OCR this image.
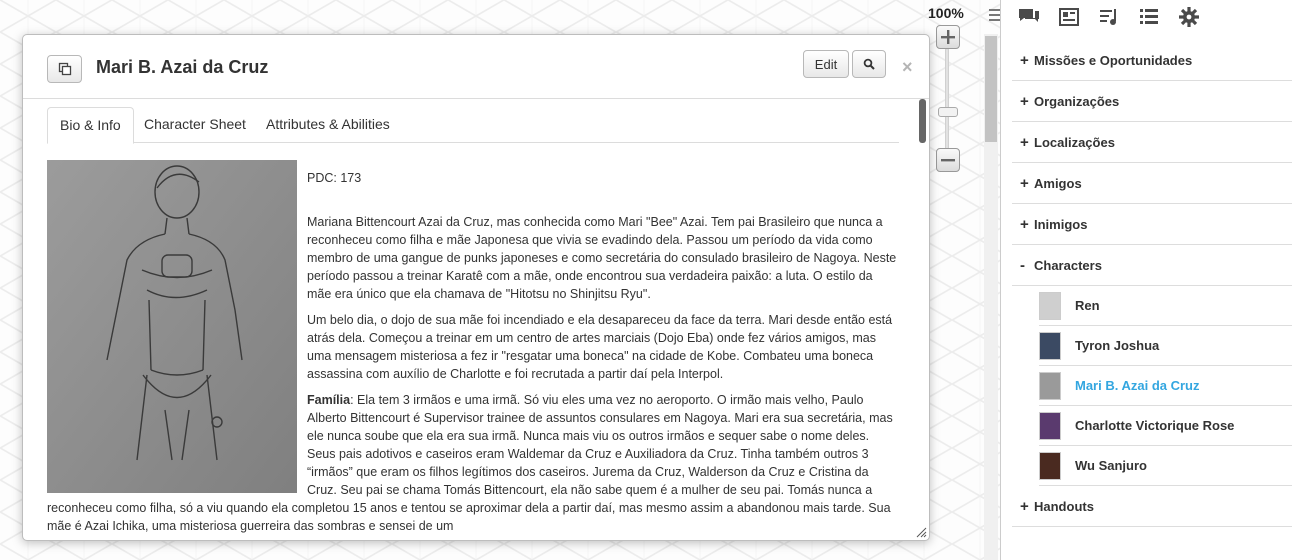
100%
Mari B. Azai da Cruz	Edit	×
Bio & Info	Character Sheet	Attributes & Abilities

PDC: 173

Mariana Bittencourt Azai da Cruz, mas conhecida como Mari "Bee" Azai. Tem pai Brasileiro que nunca a reconheceu como filha e mãe Japonesa que vivia se evadindo dela. Passou um período da vida como membro de uma gangue de punks japoneses e como secretária do consulado brasileiro de Nagoya. Neste período passou a treinar Karatê com a mãe, onde encontrou sua verdadeira paixão: a luta. O estilo da mãe era único que ela chamava de "Hitotsu no Shinjitsu Ryu".

Um belo dia, o dojo de sua mãe foi incendiado e ela desapareceu da face da terra. Mari desde então está atrás dela. Começou a treinar em um centro de artes marciais (Dojo Eba) onde fez vários amigos, mas uma mensagem misteriosa a fez ir "resgatar uma boneca" na cidade de Kobe. Combateu uma boneca assassina com auxílio de Charlotte e foi recrutada a partir daí pela Interpol.

Família: Ela tem 3 irmãos e uma irmã. Só viu eles uma vez no aeroporto. O irmão mais velho, Paulo Alberto Bittencourt é Supervisor trainee de assuntos consulares em Nagoya. Mari era sua secretária, mas ele nunca soube que ela era sua irmã. Nunca mais viu os outros irmãos e sequer sabe o nome deles. Seus pais adotivos e caseiros eram Waldemar da Cruz e Auxiliadora da Cruz. Tinha também outros 3 “irmãos” que eram os filhos legítimos dos caseiros. Jurema da Cruz, Walderson da Cruz e Cristina da Cruz. Seu pai se chama Tomás Bittencourt, ela não sabe quem é a mulher de seu pai. Tomás nunca a reconheceu como filha, só a viu quando ela completou 15 anos e tentou se aproximar dela a partir daí, mas mesmo assim a abandonou mais tarde. Sua mãe é Azai Ichika, uma misteriosa guerreira das sombras e sensei de um

+ Missões e Oportunidades
+ Organizações
+ Localizações
+ Amigos
+ Inimigos
- Characters
Ren
Tyron Joshua
Mari B. Azai da Cruz
Charlotte Victorique Rose
Wu Sanjuro
+ Handouts
